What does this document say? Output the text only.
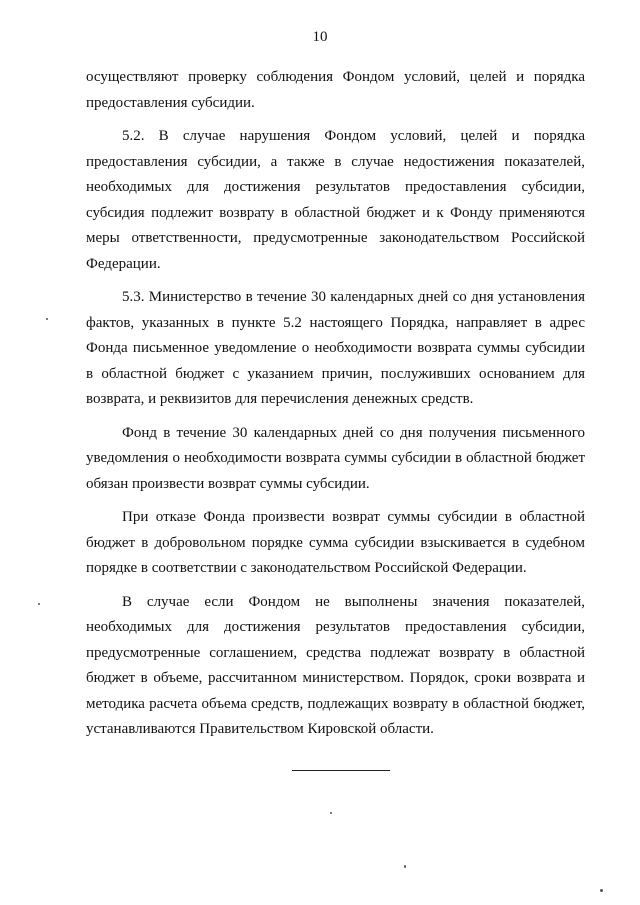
10

осуществляют проверку соблюдения Фондом условий, целей и порядка предоставления субсидии.

5.2. В случае нарушения Фондом условий, целей и порядка предоставления субсидии, а также в случае недостижения показателей, необходимых для достижения результатов предоставления субсидии, субсидия подлежит возврату в областной бюджет и к Фонду применяются меры ответственности, предусмотренные законодательством Российской Федерации.

5.3. Министерство в течение 30 календарных дней со дня установления фактов, указанных в пункте 5.2 настоящего Порядка, направляет в адрес Фонда письменное уведомление о необходимости возврата суммы субсидии в областной бюджет с указанием причин, послуживших основанием для возврата, и реквизитов для перечисления денежных средств.

Фонд в течение 30 календарных дней со дня получения письменного уведомления о необходимости возврата суммы субсидии в областной бюджет обязан произвести возврат суммы субсидии.

При отказе Фонда произвести возврат суммы субсидии в областной бюджет в добровольном порядке сумма субсидии взыскивается в судебном порядке в соответствии с законодательством Российской Федерации.

В случае если Фондом не выполнены значения показателей, необходимых для достижения результатов предоставления субсидии, предусмотренные соглашением, средства подлежат возврату в областной бюджет в объеме, рассчитанном министерством. Порядок, сроки возврата и методика расчета объема средств, подлежащих возврату в областной бюджет, устанавливаются Правительством Кировской области.
